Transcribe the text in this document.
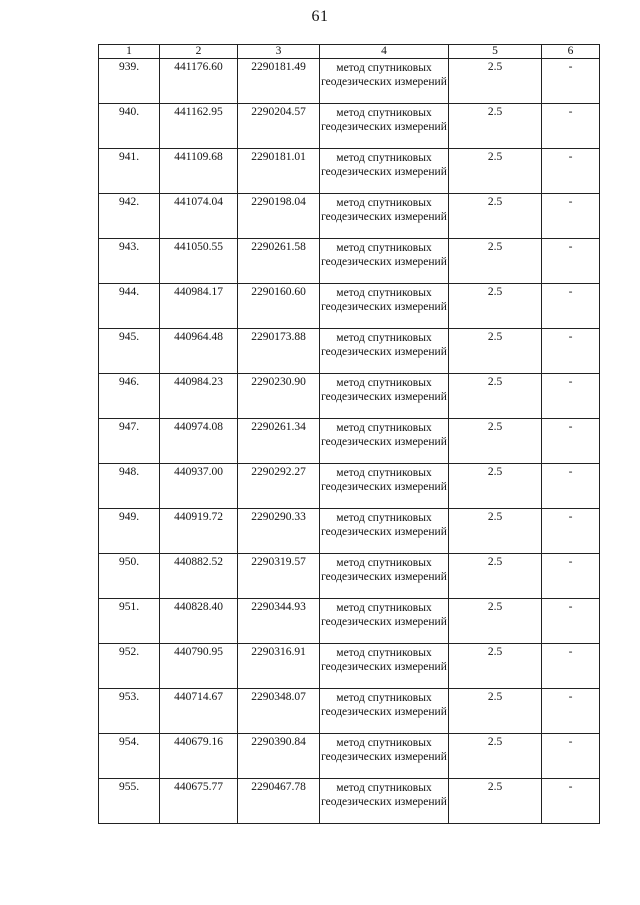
61
1	2	3	4	5	6
939.	441176.60	2290181.49	метод спутниковых геодезических измерений	2.5	-
940.	441162.95	2290204.57	метод спутниковых геодезических измерений	2.5	-
941.	441109.68	2290181.01	метод спутниковых геодезических измерений	2.5	-
942.	441074.04	2290198.04	метод спутниковых геодезических измерений	2.5	-
943.	441050.55	2290261.58	метод спутниковых геодезических измерений	2.5	-
944.	440984.17	2290160.60	метод спутниковых геодезических измерений	2.5	-
945.	440964.48	2290173.88	метод спутниковых геодезических измерений	2.5	-
946.	440984.23	2290230.90	метод спутниковых геодезических измерений	2.5	-
947.	440974.08	2290261.34	метод спутниковых геодезических измерений	2.5	-
948.	440937.00	2290292.27	метод спутниковых геодезических измерений	2.5	-
949.	440919.72	2290290.33	метод спутниковых геодезических измерений	2.5	-
950.	440882.52	2290319.57	метод спутниковых геодезических измерений	2.5	-
951.	440828.40	2290344.93	метод спутниковых геодезических измерений	2.5	-
952.	440790.95	2290316.91	метод спутниковых геодезических измерений	2.5	-
953.	440714.67	2290348.07	метод спутниковых геодезических измерений	2.5	-
954.	440679.16	2290390.84	метод спутниковых геодезических измерений	2.5	-
955.	440675.77	2290467.78	метод спутниковых геодезических измерений	2.5	-
